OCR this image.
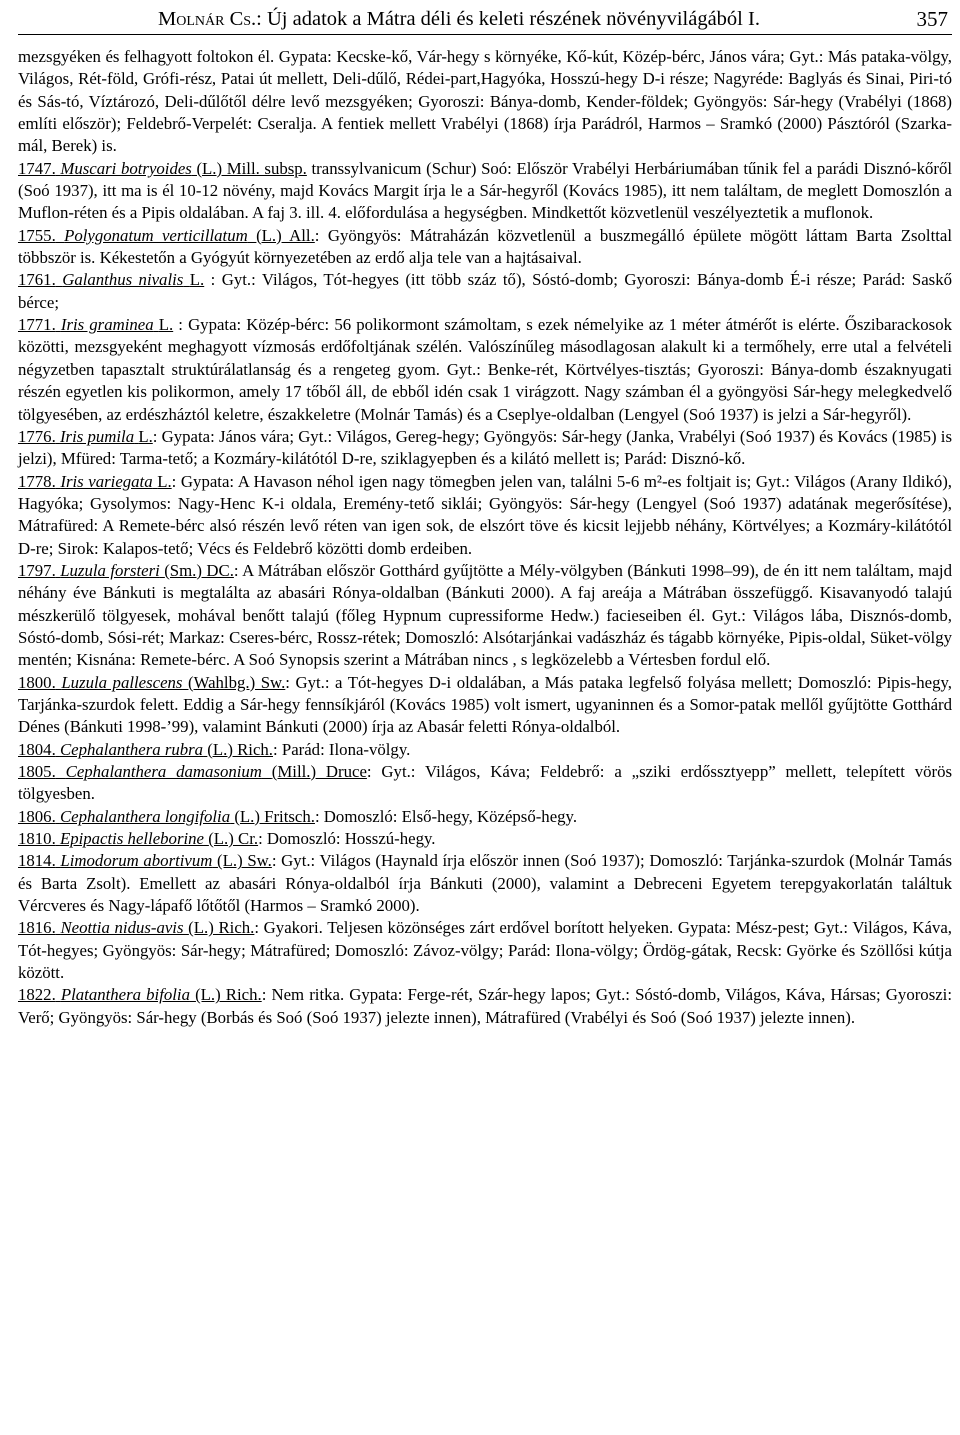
Molnár Cs.: Új adatok a Mátra déli és keleti részének növényvilágából I.	357

mezsgyéken és felhagyott foltokon él. Gypata: Kecske-kő, Vár-hegy s környéke, Kő-kút, Közép-bérc, János vára; Gyt.: Más pataka-völgy, Világos, Rét-föld, Grófi-rész, Patai út mellett, Deli-dűlő, Rédei-part,Hagyóka, Hosszú-hegy D-i része; Nagyréde: Baglyás és Sinai, Piri-tó és Sás-tó, Víztározó, Deli-dűlőtől délre levő mezsgyéken; Gyoroszi: Bánya-domb, Kender-földek; Gyöngyös: Sár-hegy (Vrabélyi (1868) említi először); Feldebrő-Verpelét: Cseralja. A fentiek mellett Vrabélyi (1868) írja Parádról, Harmos – Sramkó (2000) Pásztóról (Szarka-mál, Berek) is.

1747. Muscari botryoides (L.) Mill. subsp. transsylvanicum (Schur) Soó: Először Vrabélyi Herbáriumában tűnik fel a parádi Disznó-kőről (Soó 1937), itt ma is él 10-12 növény, majd Kovács Margit írja le a Sár-hegyről (Kovács 1985), itt nem találtam, de meglett Domoszlón a Muflon-réten és a Pipis oldalában. A faj 3. ill. 4. előfordulása a hegységben. Mindkettőt közvetlenül veszélyeztetik a muflonok.

1755. Polygonatum verticillatum (L.) All.: Gyöngyös: Mátraházán közvetlenül a buszmegálló épülete mögött láttam Barta Zsolttal többször is. Kékestetőn a Gyógyút környezetében az erdő alja tele van a hajtásaival.

1761. Galanthus nivalis L. : Gyt.: Világos, Tót-hegyes (itt több száz tő), Sóstó-domb; Gyoroszi: Bánya-domb É-i része; Parád: Saskő bérce;

1771. Iris graminea L. : Gypata: Közép-bérc: 56 polikormont számoltam, s ezek némelyike az 1 méter átmérőt is elérte. Őszibarackosok közötti, mezsgyeként meghagyott vízmosás erdőfoltjának szélén. Valószínűleg másodlagosan alakult ki a termőhely, erre utal a felvételi négyzetben tapasztalt struktúrálatlanság és a rengeteg gyom. Gyt.: Benke-rét, Körtvélyes-tisztás; Gyoroszi: Bánya-domb északnyugati részén egyetlen kis polikormon, amely 17 tőből áll, de ebből idén csak 1 virágzott. Nagy számban él a gyöngyösi Sár-hegy melegkedvelő tölgyesében, az erdészháztól keletre, északkeletre (Molnár Tamás) és a Cseplye-oldalban (Lengyel (Soó 1937) is jelzi a Sár-hegyről).

1776. Iris pumila L.: Gypata: János vára; Gyt.: Világos, Gereg-hegy; Gyöngyös: Sár-hegy (Janka, Vrabélyi (Soó 1937) és Kovács (1985) is jelzi), Mfüred: Tarma-tető; a Kozmáry-kilátótól D-re, sziklagyepben és a kilátó mellett is; Parád: Disznó-kő.

1778. Iris variegata L.: Gypata: A Havason néhol igen nagy tömegben jelen van, találni 5-6 m²-es foltjait is; Gyt.: Világos (Arany Ildikó), Hagyóka; Gysolymos: Nagy-Henc K-i oldala, Eremény-tető siklái; Gyöngyös: Sár-hegy (Lengyel (Soó 1937) adatának megerősítése), Mátrafüred: A Remete-bérc alsó részén levő réten van igen sok, de elszórt töve és kicsit lejjebb néhány, Körtvélyes; a Kozmáry-kilátótól D-re; Sirok: Kalapos-tető; Vécs és Feldebrő közötti domb erdeiben.

1797. Luzula forsteri (Sm.) DC.: A Mátrában először Gotthárd gyűjtötte a Mély-völgyben (Bánkuti 1998–99), de én itt nem találtam, majd néhány éve Bánkuti is megtalálta az abasári Rónya-oldalban (Bánkuti 2000). A faj areája a Mátrában összefüggő. Kisavanyodó talajú mészkerülő tölgyesek, mohával benőtt talajú (főleg Hypnum cupressiforme Hedw.) facieseiben él. Gyt.: Világos lába, Disznós-domb, Sóstó-domb, Sósi-rét; Markaz: Cseres-bérc, Rossz-rétek; Domoszló: Alsótarjánkai vadászház és tágabb környéke, Pipis-oldal, Süket-völgy mentén; Kisnána: Remete-bérc. A Soó Synopsis szerint a Mátrában nincs , s legközelebb a Vértesben fordul elő.

1800. Luzula pallescens (Wahlbg.) Sw.: Gyt.: a Tót-hegyes D-i oldalában, a Más pataka legfelső folyása mellett; Domoszló: Pipis-hegy, Tarjánka-szurdok felett. Eddig a Sár-hegy fennsíkjáról (Kovács 1985) volt ismert, ugyaninnen és a Somor-patak mellől gyűjtötte Gotthárd Dénes (Bánkuti 1998-’99), valamint Bánkuti (2000) írja az Abasár feletti Rónya-oldalból.

1804. Cephalanthera rubra (L.) Rich.: Parád: Ilona-völgy.

1805. Cephalanthera damasonium (Mill.) Druce: Gyt.: Világos, Káva; Feldebrő: a „sziki erdőssztyepp” mellett, telepített vörös tölgyesben.

1806. Cephalanthera longifolia (L.) Fritsch.: Domoszló: Első-hegy, Középső-hegy.

1810. Epipactis helleborine (L.) Cr.: Domoszló: Hosszú-hegy.

1814. Limodorum abortivum (L.) Sw.: Gyt.: Világos (Haynald írja először innen (Soó 1937); Domoszló: Tarjánka-szurdok (Molnár Tamás és Barta Zsolt). Emellett az abasári Rónya-oldalból írja Bánkuti (2000), valamint a Debreceni Egyetem terepgyakorlatán találtuk Vércveres és Nagy-lápafő lőtőtől (Harmos – Sramkó 2000).

1816. Neottia nidus-avis (L.) Rich.: Gyakori. Teljesen közönséges zárt erdővel borított helyeken. Gypata: Mész-pest; Gyt.: Világos, Káva, Tót-hegyes; Gyöngyös: Sár-hegy; Mátrafüred; Domoszló: Závoz-völgy; Parád: Ilona-völgy; Ördög-gátak, Recsk: Györke és Szöllősi kútja között.

1822. Platanthera bifolia (L.) Rich.: Nem ritka. Gypata: Ferge-rét, Szár-hegy lapos; Gyt.: Sóstó-domb, Világos, Káva, Hársas; Gyoroszi: Verő; Gyöngyös: Sár-hegy (Borbás és Soó (Soó 1937) jelezte innen), Mátrafüred (Vrabélyi és Soó (Soó 1937) jelezte innen).
